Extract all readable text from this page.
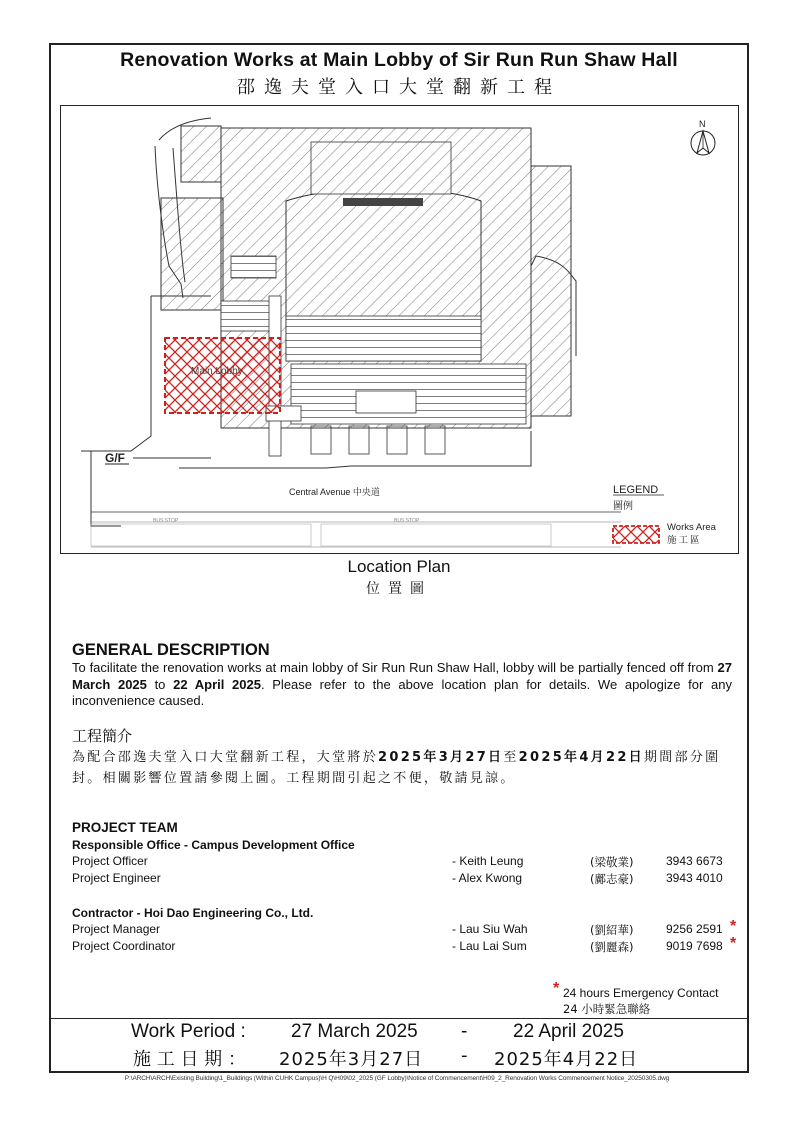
Renovation Works at Main Lobby of Sir Run Run Shaw Hall
邵逸夫堂入口大堂翻新工程
Main Lobby
BUS STOP	BUS STOP
Central Avenue 中央道
G/F
N
LEGEND
圖例
Works Area
施工區
Location Plan
位置圖
GENERAL DESCRIPTION
To facilitate the renovation works at main lobby of Sir Run Run Shaw Hall, lobby will be partially fenced off from 27 March 2025 to 22 April 2025. Please refer to the above location plan for details. We apologize for any inconvenience caused.
工程簡介
為配合邵逸夫堂入口大堂翻新工程，大堂將於2025年3月27日至2025年4月22日期間部分圍封。相關影響位置請參閱上圖。工程期間引起之不便，敬請見諒。
PROJECT TEAM
Responsible Office - Campus Development Office
Project Officer	- Keith Leung	(梁敬業)	3943 6673
Project Engineer	- Alex Kwong	(鄺志豪)	3943 4010
Contractor - Hoi Dao Engineering Co., Ltd.
Project Manager	- Lau Siu Wah	(劉紹華)	9256 2591 *
Project Coordinator	- Lau Lai Sum	(劉麗森)	9019 7698 *
* 24 hours Emergency Contact
24 小時緊急聯絡
Work Period : 27 March 2025 - 22 April 2025
施 工 日 期 ： 2025年3月27日 - 2025年4月22日
P:\ARCH\ARCH\Existing Building\1_Buildings (Within CUHK Campus)\H Q\H09\02_2025 (GF Lobby)\Notice of Commencement\H09_2_Renovation Works Commencement Notice_20250305.dwg
